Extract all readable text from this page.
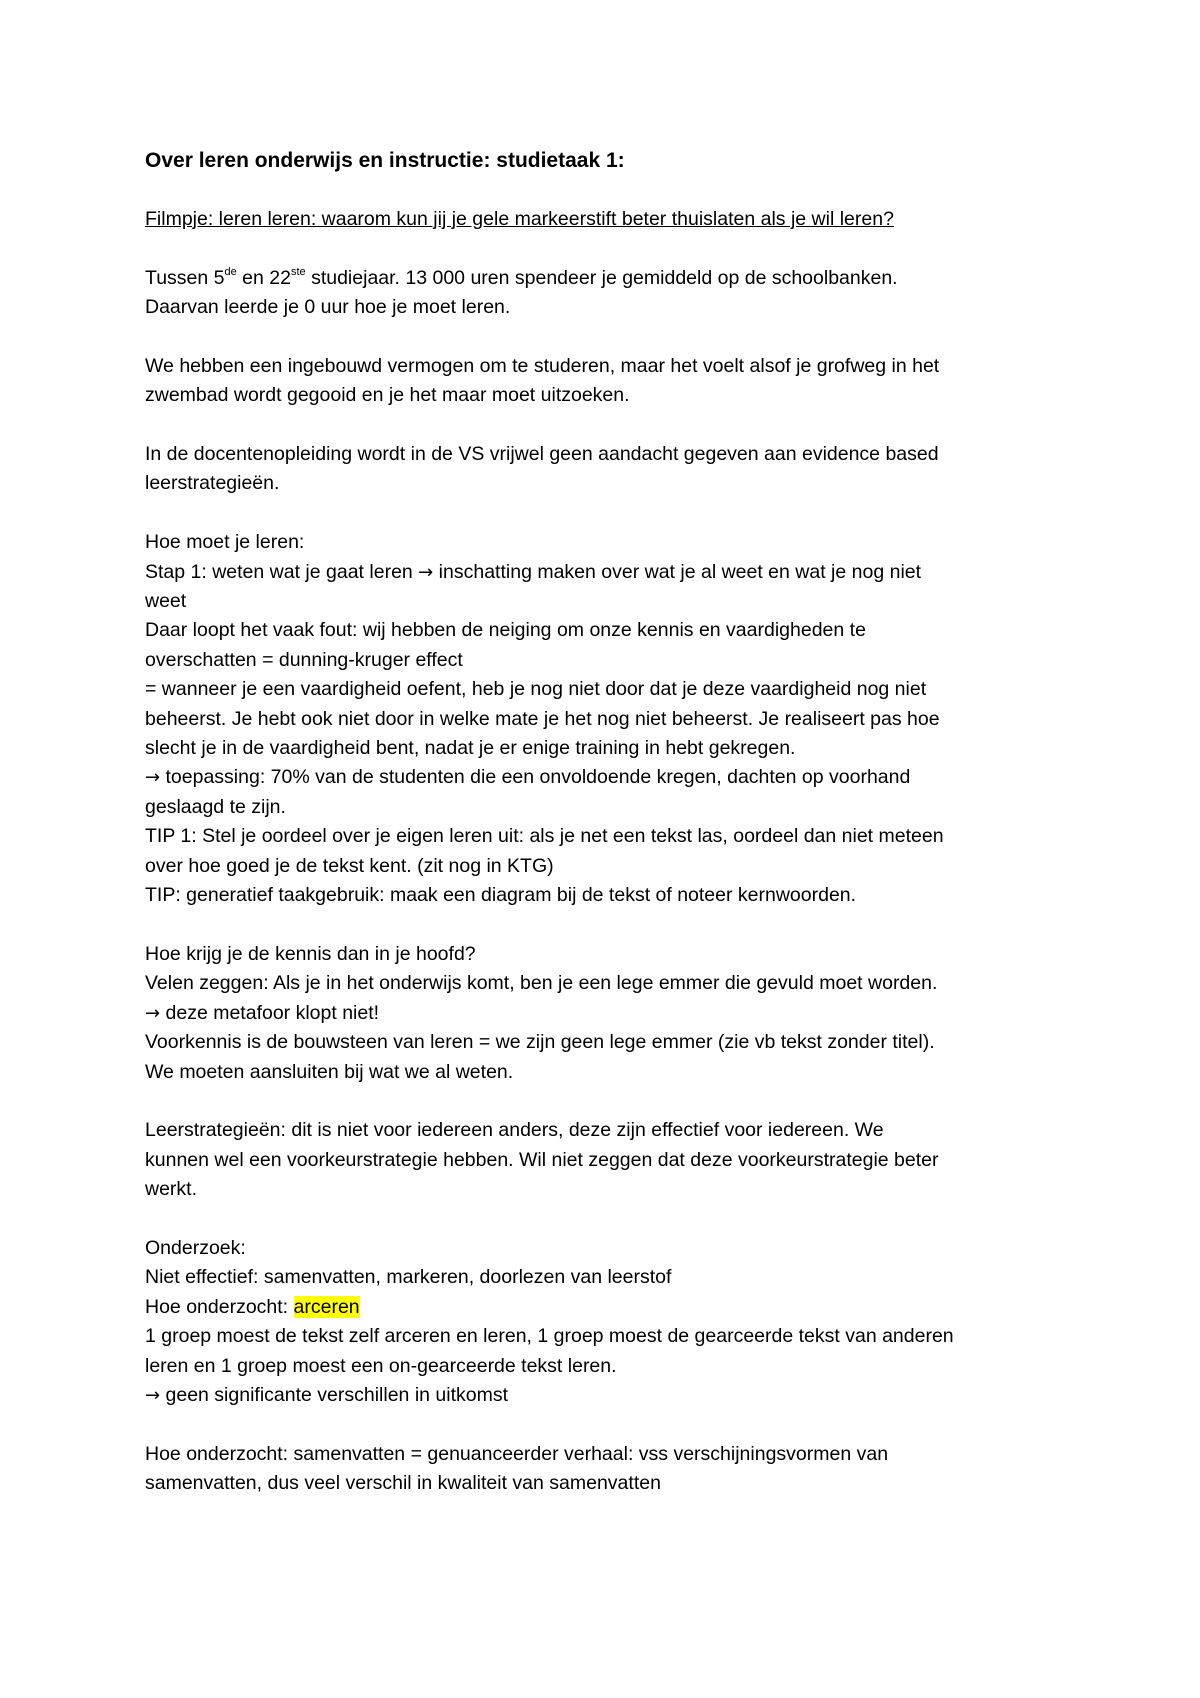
Over leren onderwijs en instructie: studietaak 1:
Filmpje: leren leren: waarom kun jij je gele markeerstift beter thuislaten als je wil leren?
Tussen 5de en 22ste studiejaar. 13 000 uren spendeer je gemiddeld op de schoolbanken.
Daarvan leerde je 0 uur hoe je moet leren.
We hebben een ingebouwd vermogen om te studeren, maar het voelt alsof je grofweg in het
zwembad wordt gegooid en je het maar moet uitzoeken.
In de docentenopleiding wordt in de VS vrijwel geen aandacht gegeven aan evidence based
leerstrategieën.
Hoe moet je leren:
Stap 1: weten wat je gaat leren → inschatting maken over wat je al weet en wat je nog niet
weet
Daar loopt het vaak fout: wij hebben de neiging om onze kennis en vaardigheden te
overschatten = dunning-kruger effect
= wanneer je een vaardigheid oefent, heb je nog niet door dat je deze vaardigheid nog niet
beheerst. Je hebt ook niet door in welke mate je het nog niet beheerst. Je realiseert pas hoe
slecht je in de vaardigheid bent, nadat je er enige training in hebt gekregen.
→ toepassing: 70% van de studenten die een onvoldoende kregen, dachten op voorhand
geslaagd te zijn.
TIP 1: Stel je oordeel over je eigen leren uit: als je net een tekst las, oordeel dan niet meteen
over hoe goed je de tekst kent. (zit nog in KTG)
TIP: generatief taakgebruik: maak een diagram bij de tekst of noteer kernwoorden.
Hoe krijg je de kennis dan in je hoofd?
Velen zeggen: Als je in het onderwijs komt, ben je een lege emmer die gevuld moet worden.
→ deze metafoor klopt niet!
Voorkennis is de bouwsteen van leren = we zijn geen lege emmer (zie vb tekst zonder titel).
We moeten aansluiten bij wat we al weten.
Leerstrategieën: dit is niet voor iedereen anders, deze zijn effectief voor iedereen. We
kunnen wel een voorkeurstrategie hebben. Wil niet zeggen dat deze voorkeurstrategie beter
werkt.
Onderzoek:
Niet effectief: samenvatten, markeren, doorlezen van leerstof
Hoe onderzocht: arceren
1 groep moest de tekst zelf arceren en leren, 1 groep moest de gearceerde tekst van anderen
leren en 1 groep moest een on-gearceerde tekst leren.
→ geen significante verschillen in uitkomst
Hoe onderzocht: samenvatten = genuanceerder verhaal: vss verschijningsvormen van
samenvatten, dus veel verschil in kwaliteit van samenvatten
